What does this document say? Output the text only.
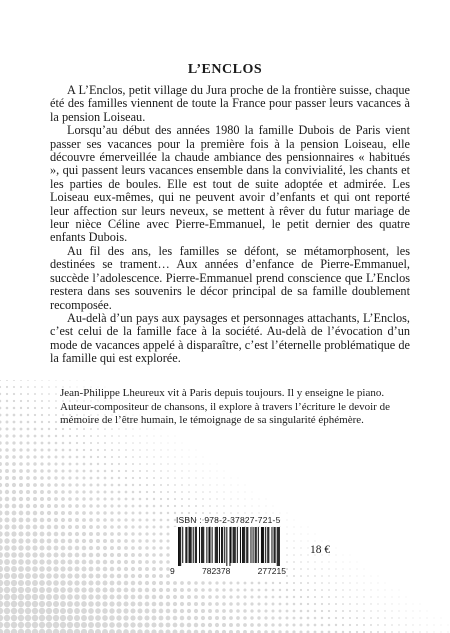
L’ENCLOS

A L’Enclos, petit village du Jura proche de la frontière suisse, chaque été des familles viennent de toute la France pour passer leurs vacances à la pension Loiseau.

Lorsqu’au début des années 1980 la famille Dubois de Paris vient passer ses vacances pour la première fois à la pension Loiseau, elle découvre émerveillée la chaude ambiance des pensionnaires « habitués », qui passent leurs vacances ensemble dans la convivialité, les chants et les parties de boules. Elle est tout de suite adoptée et admirée. Les Loiseau eux-mêmes, qui ne peuvent avoir d’enfants et qui ont reporté leur affection sur leurs neveux, se mettent à rêver du futur mariage de leur nièce Céline avec Pierre-Emmanuel, le petit dernier des quatre enfants Dubois.

Au fil des ans, les familles se défont, se métamorphosent, les destinées se trament… Aux années d’enfance de Pierre-Emmanuel, succède l’adolescence. Pierre-Emmanuel prend conscience que L’Enclos restera dans ses souvenirs le décor principal de sa famille doublement recomposée.

Au-delà d’un pays aux paysages et personnages attachants, L’Enclos, c’est celui de la famille face à la société. Au-delà de l’évocation d’un mode de vacances appelé à disparaître, c’est l’éternelle problématique de la famille qui est explorée.

Jean-Philippe Lheureux vit à Paris depuis toujours. Il y enseigne le piano.

Auteur-compositeur de chansons, il explore à travers l’écriture le devoir de mémoire de l’être humain, le témoignage de sa singularité éphémère.

ISBN : 978-2-37827-721-5
9	782378	277215
18 €
